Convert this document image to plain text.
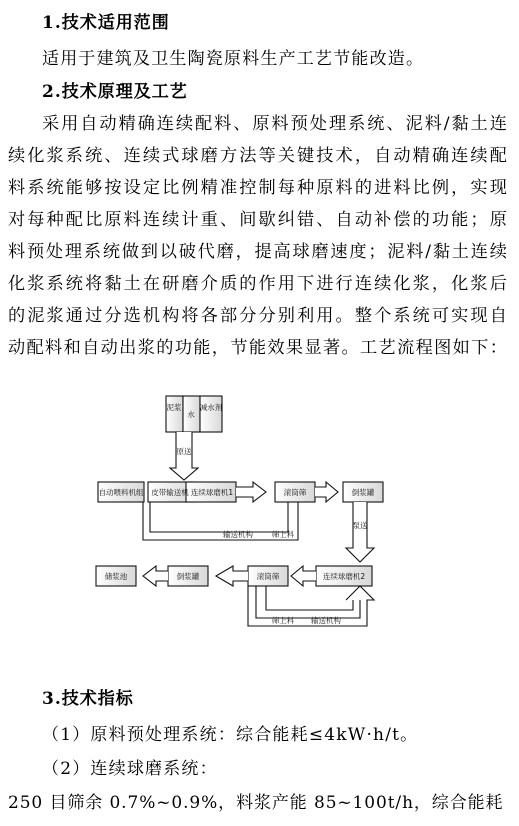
1.技术适用范围
适用于建筑及卫生陶瓷原料生产工艺节能改造。
2.技术原理及工艺
采用自动精确连续配料、原料预处理系统、泥料/黏土连
续化浆系统、连续式球磨方法等关键技术，自动精确连续配
料系统能够按设定比例精准控制每种原料的进料比例，实现
对每种配比原料连续计重、间歇纠错、自动补偿的功能；原
料预处理系统做到以破代磨，提高球磨速度；泥料/黏土连续
化浆系统将黏土在研磨介质的作用下进行连续化浆，化浆后
的泥浆通过分选机构将各部分分别利用。整个系统可实现自
动配料和自动出浆的功能，节能效果显著。工艺流程图如下：
泥浆
水
减水剂
原送
自动喂料机组 皮带输送机 连续球磨机1	滚筒筛	倒浆罐
输送机构	筛上料
泵送
储浆池	倒浆罐	滚筒筛	连续球磨机2
筛上料 输送机构
3.技术指标
（1）原料预处理系统：综合能耗≤4kW·h/t。
（2）连续球磨系统：
250 目筛余 0.7%~0.9%，料浆产能 85~100t/h，综合能耗
